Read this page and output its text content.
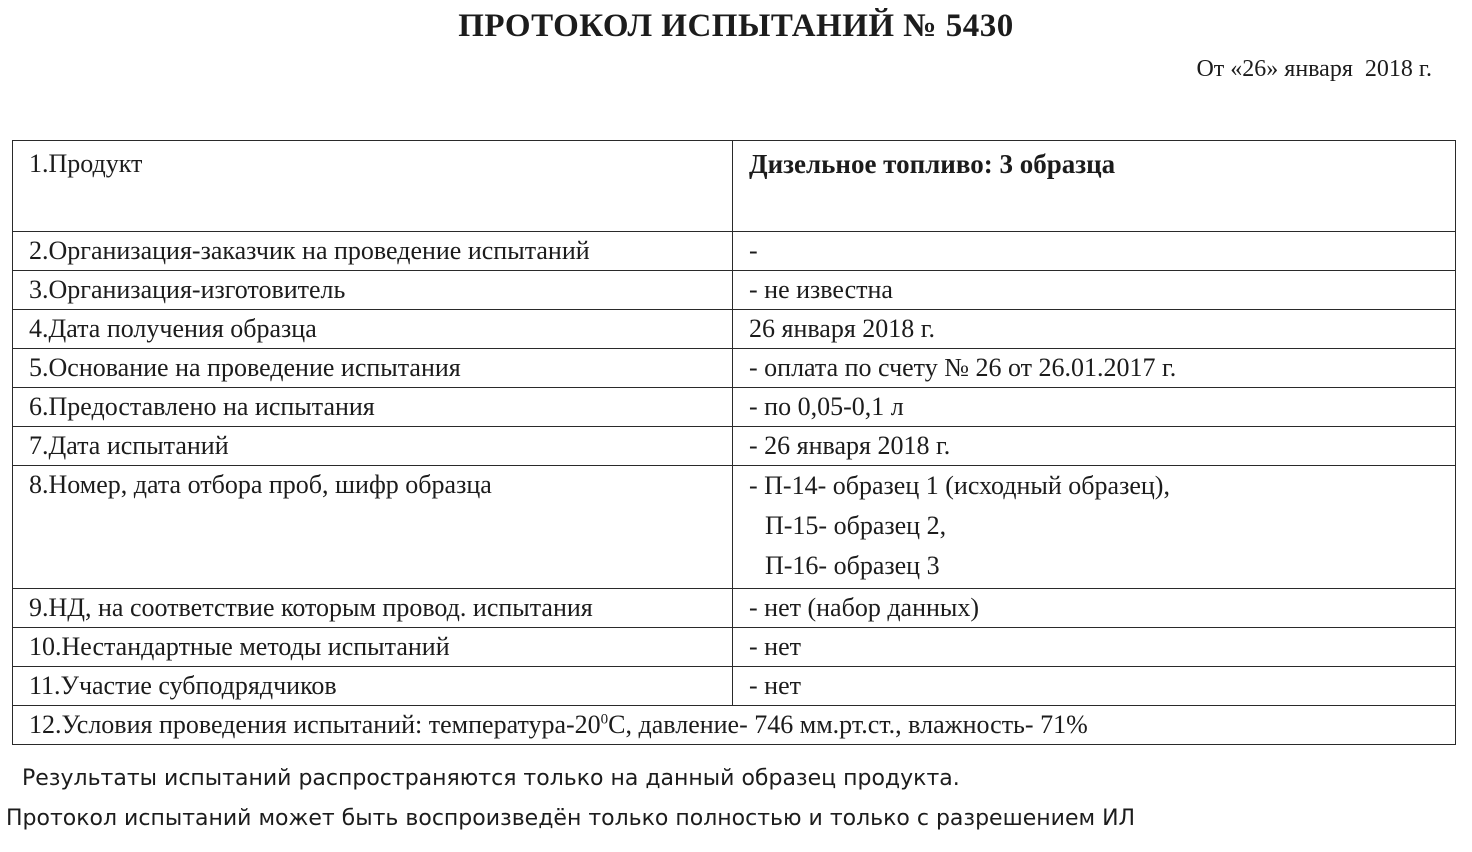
ПРОТОКОЛ ИСПЫТАНИЙ № 5430
От «26» января  2018 г.
1.Продукт	Дизельное топливо: 3 образца
2.Организация-заказчик на проведение испытаний	-
3.Организация-изготовитель	- не известна
4.Дата получения образца	26 января 2018 г.
5.Основание на проведение испытания	- оплата по счету № 26 от 26.01.2017 г.
6.Предоставлено на испытания	- по 0,05-0,1 л
7.Дата испытаний	- 26 января 2018 г.
8.Номер, дата отбора проб, шифр образца	- П-14- образец 1 (исходный образец),
П-15- образец 2,
П-16- образец 3
9.НД, на соответствие которым провод. испытания	- нет (набор данных)
10.Нестандартные методы испытаний	- нет
11.Участие субподрядчиков	- нет
12.Условия проведения испытаний: температура-$20^0С$, давление- 746 мм.рт.ст., влажность- 71%
Результаты испытаний распространяются только на данный образец продукта.
Протокол испытаний может быть воспроизведён только полностью и только с разрешением ИЛ
